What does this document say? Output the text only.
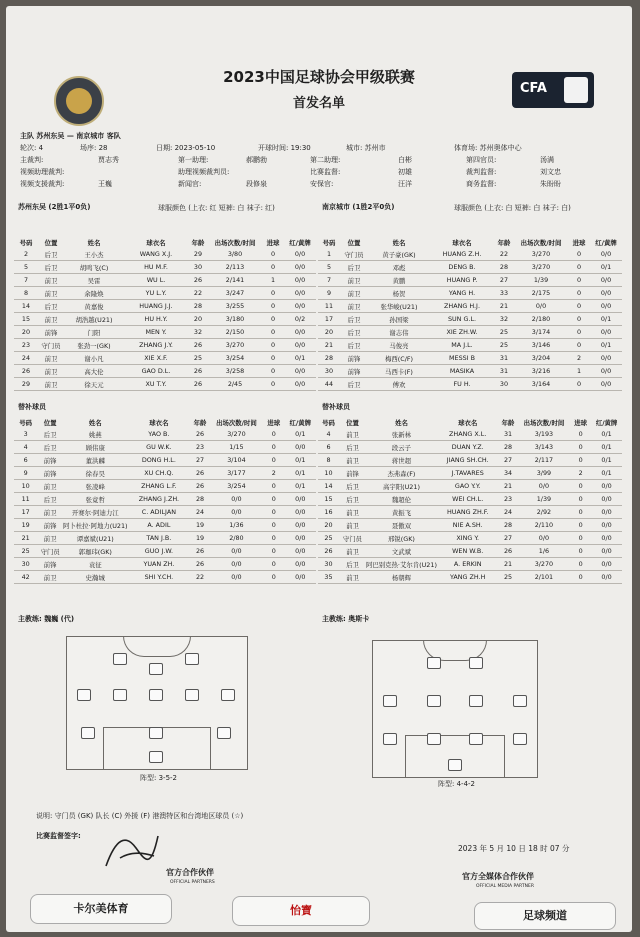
2023中国足球协会甲级联赛
首发名单
CFA
主队 苏州东吴 — 南京城市 客队
轮次: 4	场序: 28	日期: 2023-05-10	开球时间: 19:30	城市: 苏州市	体育场: 苏州奥体中心
主裁判:	贾志秀	第一助理:	郝鹏勃	第二助理:	白彬	第四官员:	汤满
视频助理裁判:	助理视频裁判员:	比赛监督:	初雄	裁判监督:	刘文忠
视频支援裁判:	王巍	新闻官:	段修泉	安保官:	汪洋	商务监督:	朱盼盼
苏州东吴 (2胜1平0负)	球服颜色 (上衣: 红 短裤: 白 袜子: 红)	南京城市 (1胜2平0负)	球服颜色 (上衣: 白 短裤: 白 袜子: 白)
号码	位置	姓名	球衣名	年龄	出场次数/时间	进球	红/黄牌
2	后卫	王小杰	WANG X.J.	29	3/80	0	0/0
5	后卫	胡鸣飞(C)	HU M.F.	30	2/113	0	0/0
7	前卫	吴雷	WU L.	26	2/141	1	0/0
8	前卫	余隆焕	YU L.Y.	22	3/247	0	0/0
14	后卫	黄嘉俊	HUANG J.J.	28	3/255	0	0/0
15	前卫	胡浩越(U21)	HU H.Y.	20	3/180	0	0/2
20	前锋	门阳	MEN Y.	32	2/150	0	0/0
23	守门员	张劲一(GK)	ZHANG J.Y.	26	3/270	0	0/0
24	前卫	谢小凡	XIE X.F.	25	3/254	0	0/1
26	前卫	高大伦	GAO D.L.	26	3/258	0	0/0
29	前卫	徐天元	XU T.Y.	26	2/45	0	0/0
号码	位置	姓名	球衣名	年龄	出场次数/时间	进球	红/黄牌
1	守门员	黄子豪(GK)	HUANG Z.H.	22	3/270	0	0/0
5	后卫	邓彪	DENG B.	28	3/270	0	0/1
7	前卫	黄鹏	HUANG P.	27	1/39	0	0/0
9	前卫	杨贺	YANG H.	33	2/175	0	0/0
11	前卫	张华峻(U21)	ZHANG H.J.	21	0/0	0	0/0
17	后卫	孙国梁	SUN G.L.	32	2/180	0	0/1
20	后卫	谢志伟	XIE ZH.W.	25	3/174	0	0/0
21	后卫	马俊亮	MA J.L.	25	3/146	0	0/1
28	前锋	梅西(C/F)	MESSI B	31	3/204	2	0/0
30	前锋	马西卡(F)	MASIKA	31	3/216	1	0/0
44	后卫	傅欢	FU H.	30	3/164	0	0/0
替补球员	替补球员
号码	位置	姓名	球衣名	年龄	出场次数/时间	进球	红/黄牌
3	后卫	姚燕	YAO B.	26	3/270	0	0/1
4	后卫	顾伟康	GU W.K.	23	1/15	0	0/0
6	前锋	董洪麟	DONG H.L.	27	3/104	0	0/1
9	前锋	徐春昊	XU CH.Q.	26	3/177	2	0/1
10	前卫	张凌峰	ZHANG L.F.	26	3/254	0	0/1
11	后卫	张竟哲	ZHANG J.ZH.	28	0/0	0	0/0
17	前卫	开赛尔·阿迪力江	C. ADILJAN	24	0/0	0	0/0
19	前锋	阿卜杜拉·阿地力(U21)	A. ADIL	19	1/36	0	0/0
21	前卫	谭嘉斌(U21)	TAN J.B.	19	2/80	0	0/0
25	守门员	郭珈玮(GK)	GUO J.W.	26	0/0	0	0/0
30	前锋	袁征	YUAN ZH.	26	0/0	0	0/0
42	前卫	史瀚城	SHI Y.CH.	22	0/0	0	0/0
号码	位置	姓名	球衣名	年龄	出场次数/时间	进球	红/黄牌
4	前卫	张新林	ZHANG X.L.	31	3/193	0	0/1
6	后卫	段云子	DUAN Y.Z.	28	3/143	0	0/1
8	前卫	蒋世超	JIANG SH.CH.	27	2/117	0	0/1
10	前锋	杰弗森(F)	J.TAVARES	34	3/99	2	0/1
14	后卫	高宇阳(U21)	GAO Y.Y.	21	0/0	0	0/0
15	后卫	魏超伦	WEI CH.L.	23	1/39	0	0/0
16	前卫	黄振飞	HUANG ZH.F.	24	2/92	0	0/0
20	前卫	聂傲双	NIE A.SH.	28	2/110	0	0/0
25	守门员	邢锐(GK)	XING Y.	27	0/0	0	0/0
26	前卫	文武斌	WEN W.B.	26	1/6	0	0/0
30	后卫	阿巴别克热·艾尔肯(U21)	A. ERKIN	21	3/270	0	0/0
35	前卫	杨朝辉	YANG ZH.H	25	2/101	0	0/0
主教练: 魏巍 (代)	主教练: 奥斯卡
阵型: 3-5-2
阵型: 4-4-2
说明: 守门员 (GK) 队长 (C) 外援 (F) 港澳特区和台湾地区球员 (☆)
比赛监督签字:
2023 年 5 月 10 日 18 时 07 分
官方合作伙伴
OFFICIAL PARTNERS
官方全媒体合作伙伴
OFFICIAL MEDIA PARTNER
卡尔美体育	怡寶	足球频道
